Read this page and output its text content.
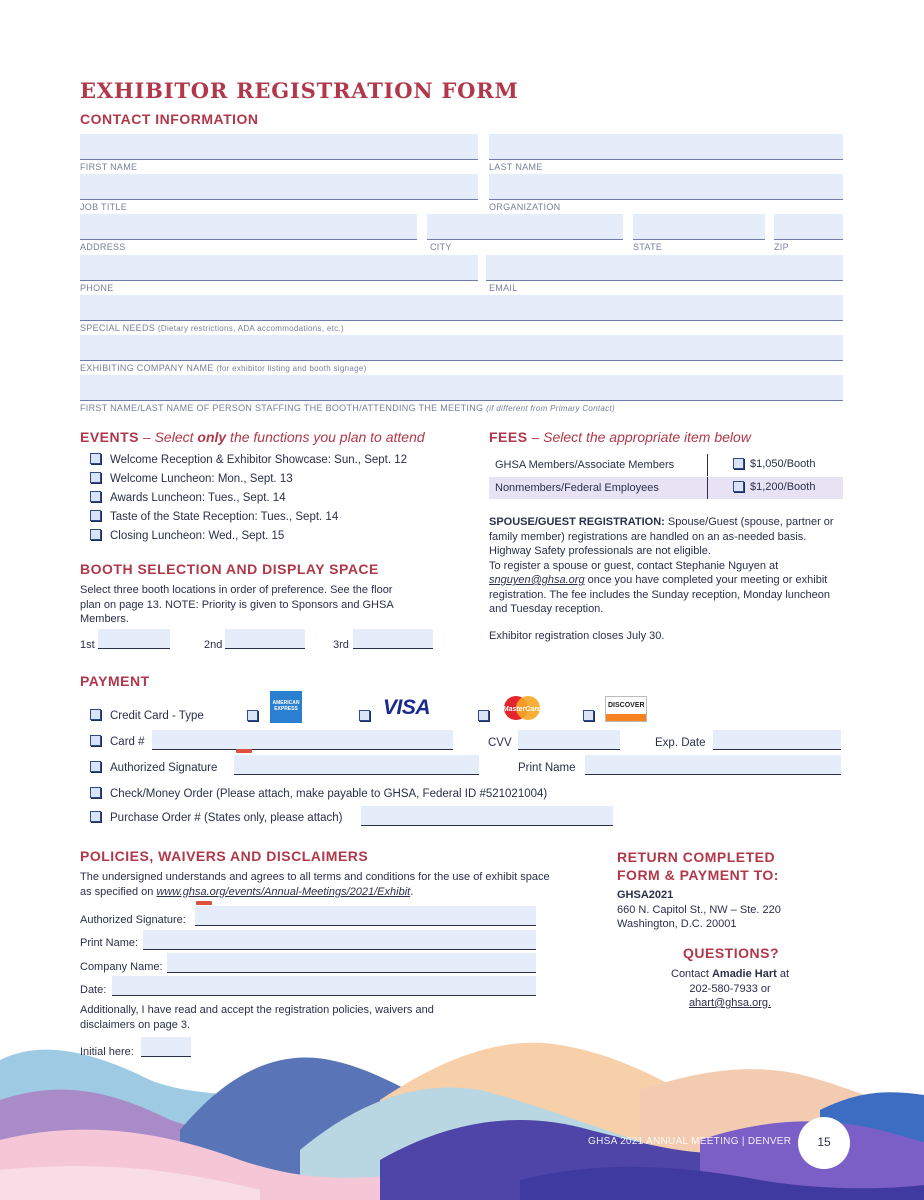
EXHIBITOR REGISTRATION FORM
CONTACT INFORMATION
FIRST NAME	LAST NAME
JOB TITLE	ORGANIZATION
ADDRESS	CITY	STATE	ZIP
PHONE	EMAIL
SPECIAL NEEDS (Dietary restrictions, ADA accommodations, etc.)
EXHIBITING COMPANY NAME (for exhibitor listing and booth signage)
FIRST NAME/LAST NAME OF PERSON STAFFING THE BOOTH/ATTENDING THE MEETING (if different from Primary Contact)
EVENTS – Select only the functions you plan to attend
Welcome Reception & Exhibitor Showcase: Sun., Sept. 12
Welcome Luncheon: Mon., Sept. 13
Awards Luncheon: Tues., Sept. 14
Taste of the State Reception: Tues., Sept. 14
Closing Luncheon: Wed., Sept. 15
FEES – Select the appropriate item below
GHSA Members/Associate Members	$1,050/Booth
Nonmembers/Federal Employees	$1,200/Booth
SPOUSE/GUEST REGISTRATION: Spouse/Guest (spouse, partner or family member) registrations are handled on an as-needed basis. Highway Safety professionals are not eligible.
To register a spouse or guest, contact Stephanie Nguyen at snguyen@ghsa.org once you have completed your meeting or exhibit registration. The fee includes the Sunday reception, Monday luncheon and Tuesday reception.
Exhibitor registration closes July 30.
BOOTH SELECTION AND DISPLAY SPACE
Select three booth locations in order of preference. See the floor plan on page 13. NOTE: Priority is given to Sponsors and GHSA Members.
1st	2nd	3rd
PAYMENT
Credit Card - Type
AMERICAN EXPRESS	VISA	MasterCard
DISCOVER
Card #	CVV	Exp. Date
Authorized Signature	Print Name
Check/Money Order (Please attach, make payable to GHSA, Federal ID #521021004)
Purchase Order # (States only, please attach)
POLICIES, WAIVERS AND DISCLAIMERS
The undersigned understands and agrees to all terms and conditions for the use of exhibit space as specified on www.ghsa.org/events/Annual-Meetings/2021/Exhibit.
Authorized Signature:
Print Name:
Company Name:
Date:
Additionally, I have read and accept the registration policies, waivers and disclaimers on page 3.
Initial here:
RETURN COMPLETED
FORM & PAYMENT TO:
GHSA2021
660 N. Capitol St., NW – Ste. 220
Washington, D.C. 20001
QUESTIONS?
Contact Amadie Hart at
202-580-7933 or
ahart@ghsa.org.
GHSA 2021 ANNUAL MEETING | DENVER	15
